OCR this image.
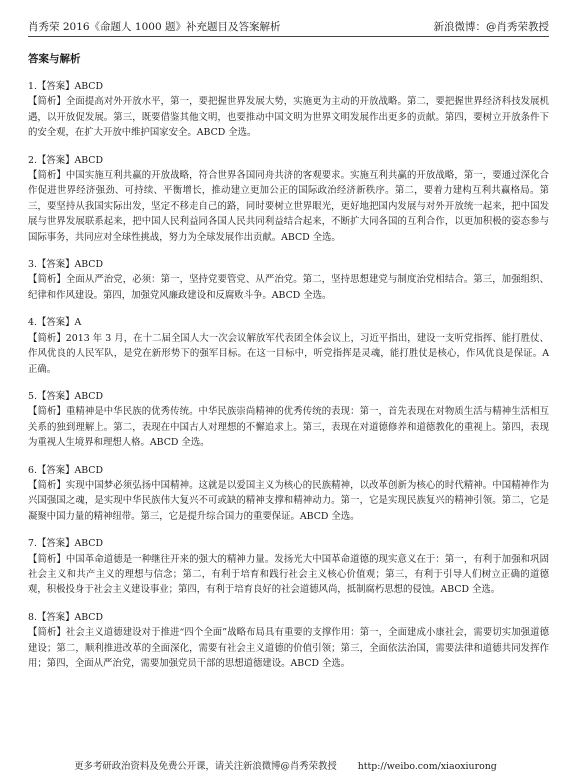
肖秀荣 2016《命题人 1000 题》补充题目及答案解析	新浪微博：@肖秀荣教授
答案与解析

1.【答案】ABCD

【简析】全面提高对外开放水平，第一，要把握世界发展大势，实施更为主动的开放战略。第二，要把握世界经济科技发展机遇，以开放促发展。第三，既要借鉴其他文明，也要推动中国文明为世界文明发展作出更多的贡献。第四，要树立开放条件下的安全观，在扩大开放中维护国家安全。ABCD 全选。

2.【答案】ABCD

【简析】中国实施互利共赢的开放战略，符合世界各国同舟共济的客观要求。实施互利共赢的开放战略，第一，要通过深化合作促进世界经济强劲、可持续、平衡增长，推动建立更加公正的国际政治经济新秩序。第二，要着力建构互利共赢格局。第三，要坚持从我国实际出发，坚定不移走自己的路，同时要树立世界眼光，更好地把国内发展与对外开放统一起来，把中国发展与世界发展联系起来，把中国人民利益同各国人民共同利益结合起来，不断扩大同各国的互利合作，以更加积极的姿态参与国际事务，共同应对全球性挑战，努力为全球发展作出贡献。ABCD 全选。

3.【答案】ABCD

【简析】全面从严治党，必须：第一，坚持党要管党、从严治党。第二，坚持思想建党与制度治党相结合。第三，加强组织、纪律和作风建设。第四，加强党风廉政建设和反腐败斗争。ABCD 全选。

4.【答案】A

【简析】2013 年 3 月，在十二届全国人大一次会议解放军代表团全体会议上，习近平指出，建设一支听党指挥、能打胜仗、作风优良的人民军队，是党在新形势下的强军目标。在这一目标中，听党指挥是灵魂，能打胜仗是核心，作风优良是保证。A 正确。

5.【答案】ABCD

【简析】重精神是中华民族的优秀传统。中华民族崇尚精神的优秀传统的表现：第一，首先表现在对物质生活与精神生活相互关系的独到理解上。第二，表现在中国古人对理想的不懈追求上。第三，表现在对道德修养和道德教化的重视上。第四，表现为重视人生境界和理想人格。ABCD 全选。

6.【答案】ABCD

【简析】实现中国梦必须弘扬中国精神。这就是以爱国主义为核心的民族精神，以改革创新为核心的时代精神。中国精神作为兴国强国之魂，是实现中华民族伟大复兴不可或缺的精神支撑和精神动力。第一，它是实现民族复兴的精神引领。第二，它是凝聚中国力量的精神纽带。第三，它是提升综合国力的重要保证。ABCD 全选。

7.【答案】ABCD

【简析】中国革命道德是一种继往开来的强大的精神力量。发扬光大中国革命道德的现实意义在于：第一，有利于加强和巩固社会主义和共产主义的理想与信念；第二，有利于培育和践行社会主义核心价值观；第三，有利于引导人们树立正确的道德观，积极投身于社会主义建设事业；第四，有利于培育良好的社会道德风尚，抵制腐朽思想的侵蚀。ABCD 全选。

8.【答案】ABCD

【简析】社会主义道德建设对于推进“四个全面”战略布局具有重要的支撑作用：第一，全面建成小康社会，需要切实加强道德建设；第二，顺利推进改革的全面深化，需要有社会主义道德的价值引领；第三，全面依法治国，需要法律和道德共同发挥作用；第四，全面从严治党，需要加强党员干部的思想道德建设。ABCD 全选。

更多考研政治资料及免费公开课，请关注新浪微博@肖秀荣教授 http://weibo.com/xiaoxiurong
